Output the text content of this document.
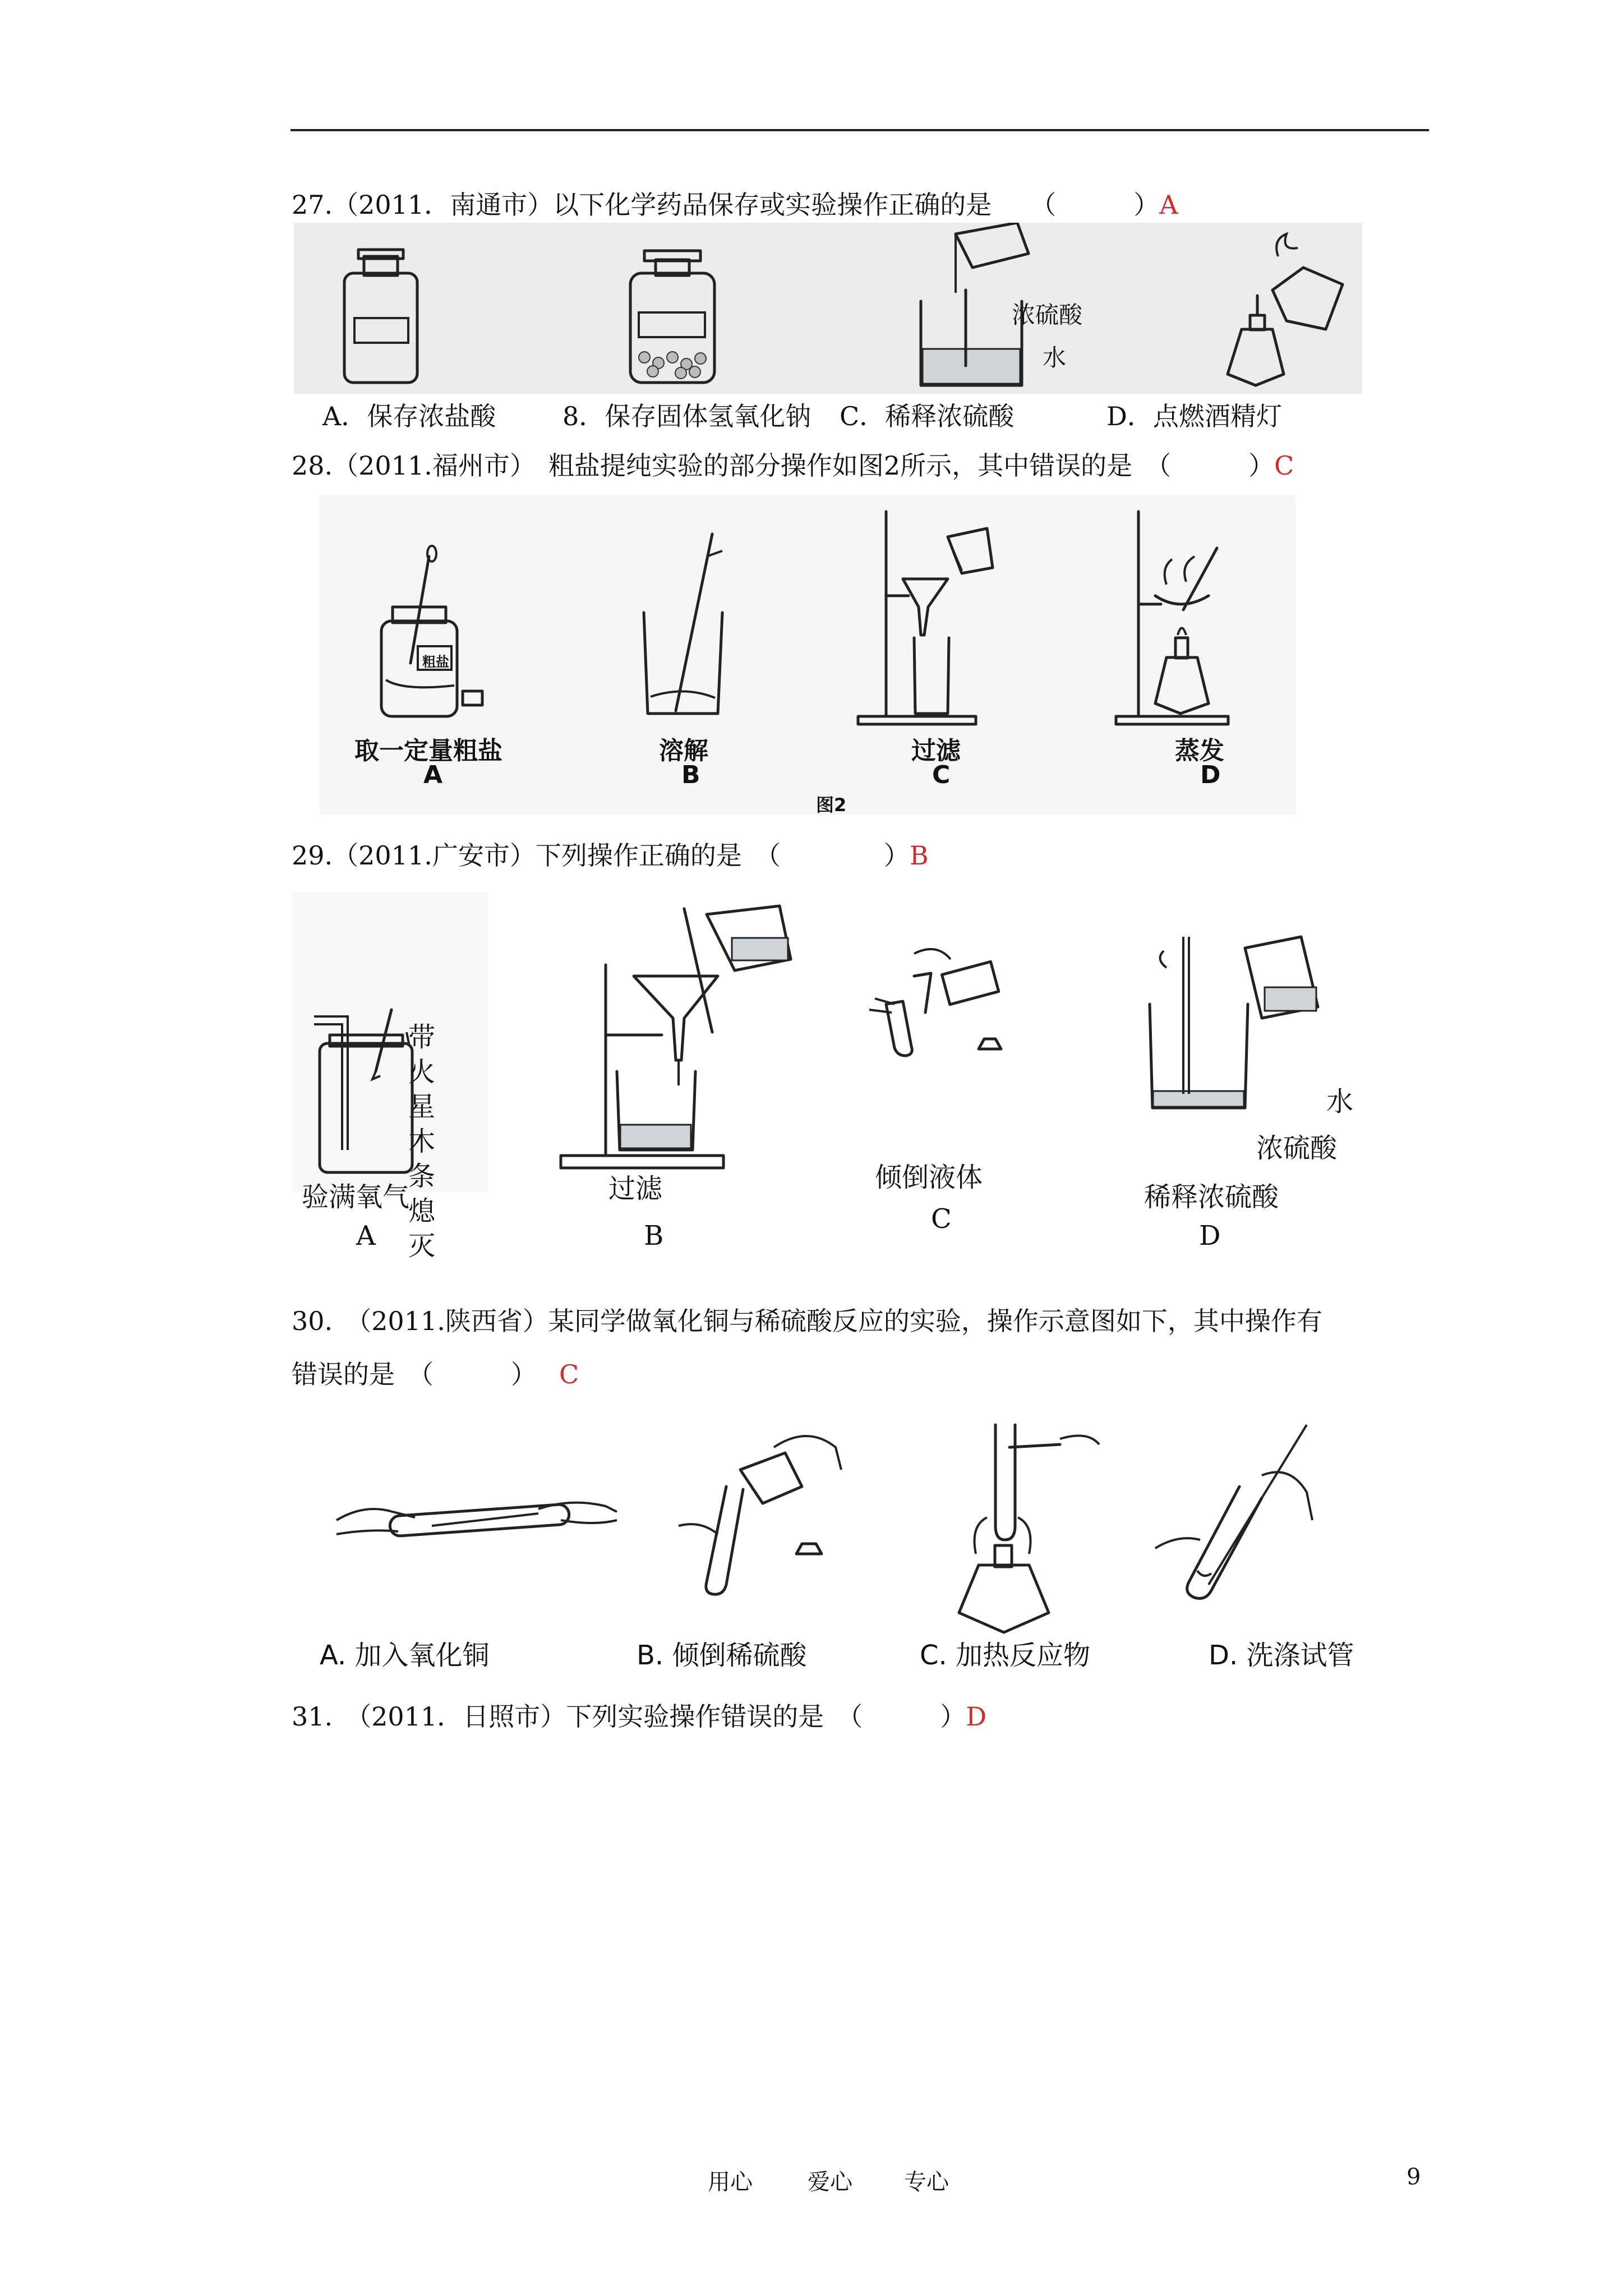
27.（2011．南通市）以下化学药品保存或实验操作正确的是　　（　　　）A
浓硫酸
水
A．保存浓盐酸	8．保存固体氢氧化钠 C．稀释浓硫酸	D．点燃酒精灯
28.（2011.福州市）　粗盐提纯实验的部分操作如图2所示，其中错误的是　（　　　）C
粗盐
取一定量粗盐	溶解	过滤	蒸发
A	B	C	D
图2
29.（2011.广安市）下列操作正确的是　（　　　　）B
带火星木条熄灭
验满氧气	过滤	倾倒液体
稀释浓硫酸
A	B
C
D
水
浓硫酸
30.　（2011.陕西省）某同学做氧化铜与稀硫酸反应的实验，操作示意图如下，其中操作有
错误的是　（　　　） C
A. 加入氧化铜	B. 倾倒稀硫酸	C. 加热反应物	D. 洗涤试管
31.　（2011．日照市）下列实验操作错误的是　（　　　）D
用心 爱心 专心	9
